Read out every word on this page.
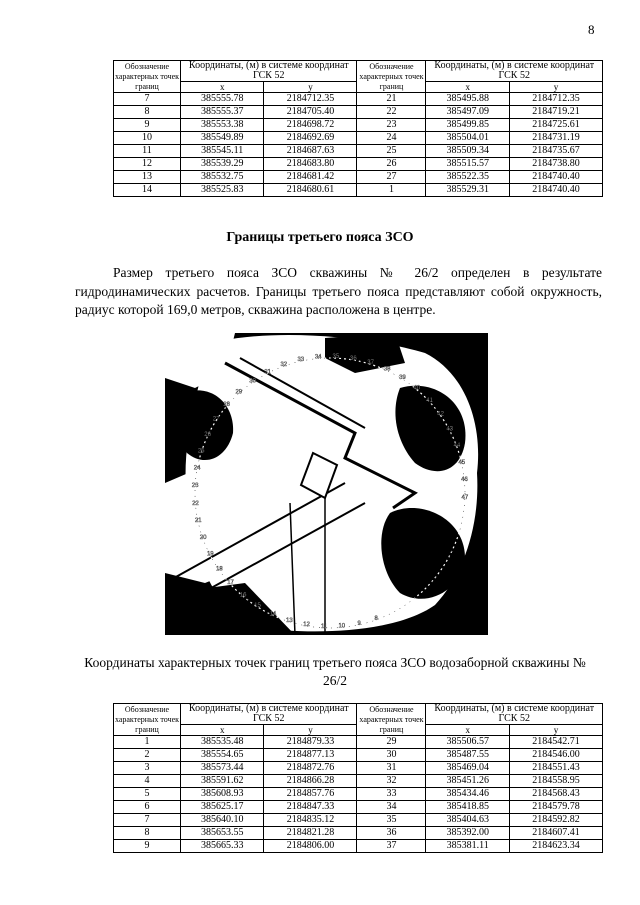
8
Обозначение характерных точек границ	Координаты, (м) в системе координат ГСК 52		Обозначение характерных точек границ	Координаты, (м) в системе координат ГСК 52	
	x	y		x	y
7	385555.78	2184712.35	21	385495.88	2184712.35
8	385555.37	2184705.40	22	385497.09	2184719.21
9	385553.38	2184698.72	23	385499.85	2184725.61
10	385549.89	2184692.69	24	385504.01	2184731.19
11	385545.11	2184687.63	25	385509.34	2184735.67
12	385539.29	2184683.80	26	385515.57	2184738.80
13	385532.75	2184681.42	27	385522.35	2184740.40
14	385525.83	2184680.61	1	385529.31	2184740.40
Границы третьего пояса ЗСО
Размер третьего пояса ЗСО скважины № 26/2 определен в результате гидродинамических расчетов. Границы третьего пояса представляют собой окружность, радиус которой 169,0 метров, скважина расположена в центре.
8
9
10
11
12
13
14
15
16
17
18
19
20
21
22
23
24
25
26
27
28
29
30
31
32
33 34 35 36
37
38
39
40
41
42
43
44
45
46
47
Координаты характерных точек границ третьего пояса ЗСО водозаборной скважины № 26/2
Обозначение характерных точек границ	Координаты, (м) в системе координат ГСК 52		Обозначение характерных точек границ	Координаты, (м) в системе координат ГСК 52	
	x	y		x	y
1	385535.48	2184879.33	29	385506.57	2184542.71
2	385554.65	2184877.13	30	385487.55	2184546.00
3	385573.44	2184872.76	31	385469.04	2184551.43
4	385591.62	2184866.28	32	385451.26	2184558.95
5	385608.93	2184857.76	33	385434.46	2184568.43
6	385625.17	2184847.33	34	385418.85	2184579.78
7	385640.10	2184835.12	35	385404.63	2184592.82
8	385653.55	2184821.28	36	385392.00	2184607.41
9	385665.33	2184806.00	37	385381.11	2184623.34
